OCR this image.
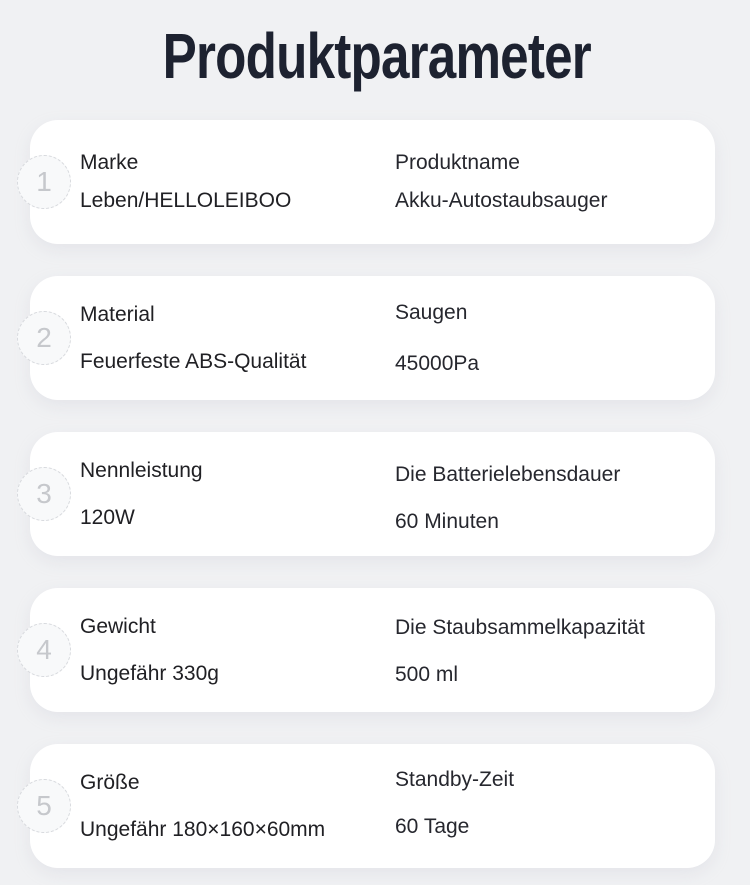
Produktparameter
1
Marke
Leben/HELLOLEIBOO
Produktname
Akku-Autostaubsauger
2
Material
Feuerfeste ABS-Qualität
Saugen
45000Pa
3
Nennleistung
120W
Die Batterielebensdauer
60 Minuten
4
Gewicht
Ungefähr 330g
Die Staubsammelkapazität
500 ml
5
Größe
Ungefähr 180×160×60mm
Standby-Zeit
60 Tage
